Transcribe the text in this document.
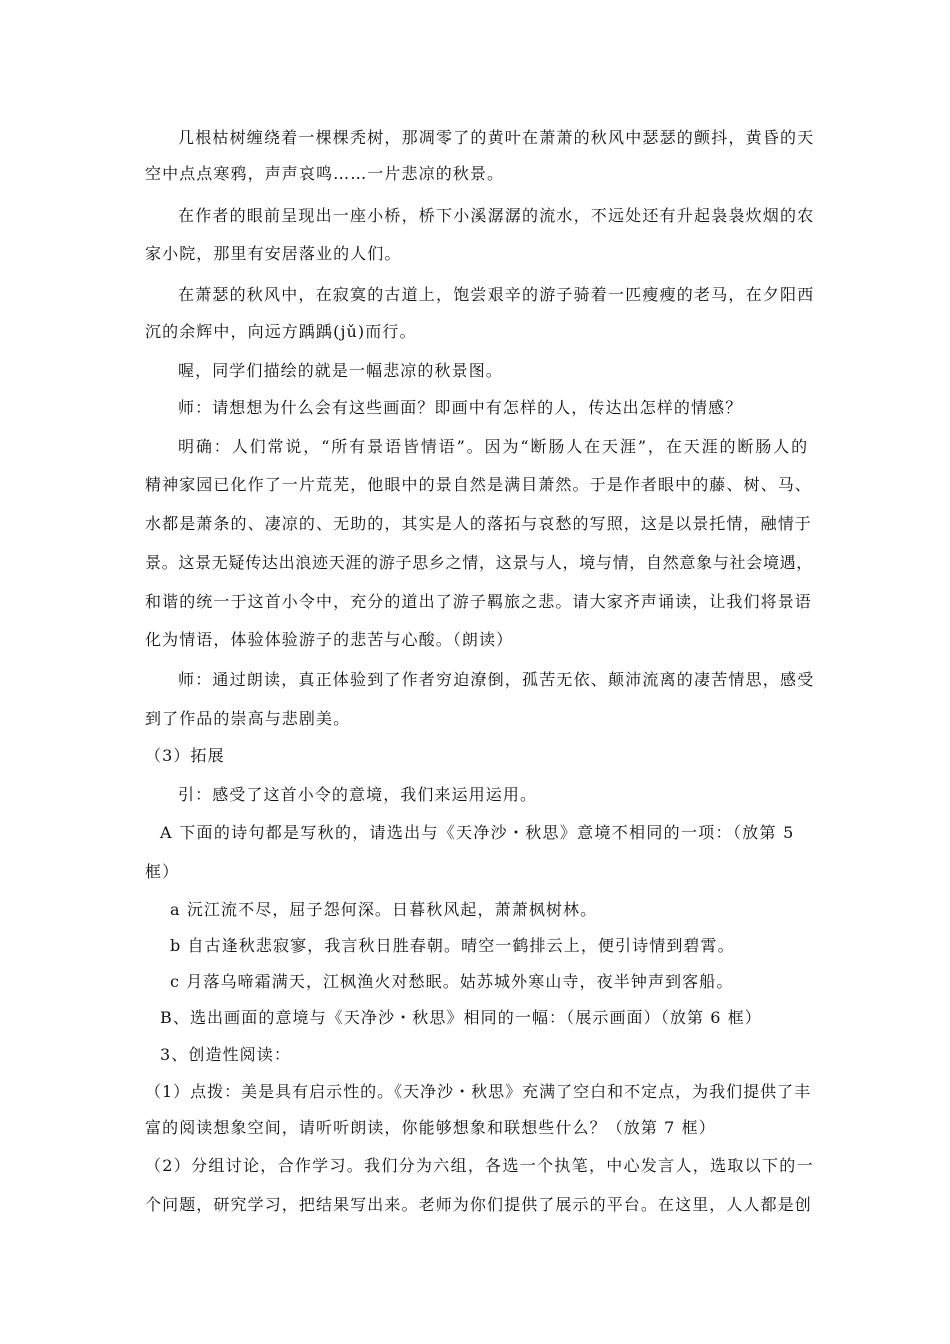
几根枯树缠绕着一棵棵秃树，那凋零了的黄叶在萧萧的秋风中瑟瑟的颤抖，黄昏的天

空中点点寒鸦，声声哀鸣……一片悲凉的秋景。

在作者的眼前呈现出一座小桥，桥下小溪潺潺的流水，不远处还有升起袅袅炊烟的农

家小院，那里有安居落业的人们。

在萧瑟的秋风中，在寂寞的古道上，饱尝艰辛的游子骑着一匹瘦瘦的老马，在夕阳西

沉的余辉中，向远方踽踽(jǔ)而行。

喔，同学们描绘的就是一幅悲凉的秋景图。

师：请想想为什么会有这些画面？即画中有怎样的人，传达出怎样的情感？

明确：人们常说，“所有景语皆情语”。因为“断肠人在天涯”，在天涯的断肠人的

精神家园已化作了一片荒芜，他眼中的景自然是满目萧然。于是作者眼中的藤、树、马、

水都是萧条的、凄凉的、无助的，其实是人的落拓与哀愁的写照，这是以景托情，融情于

景。这景无疑传达出浪迹天涯的游子思乡之情，这景与人，境与情，自然意象与社会境遇，

和谐的统一于这首小令中，充分的道出了游子羁旅之悲。请大家齐声诵读，让我们将景语

化为情语，体验体验游子的悲苦与心酸。（朗读）

师：通过朗读，真正体验到了作者穷迫潦倒，孤苦无依、颠沛流离的凄苦情思，感受

到了作品的崇高与悲剧美。

（3）拓展

引：感受了这首小令的意境，我们来运用运用。

A 下面的诗句都是写秋的，请选出与《天净沙・秋思》意境不相同的一项：（放第 5

框）

a 沅江流不尽，屈子怨何深。日暮秋风起，萧萧枫树林。

b 自古逢秋悲寂寥，我言秋日胜春朝。晴空一鹤排云上，便引诗情到碧霄。

c 月落乌啼霜满天，江枫渔火对愁眠。姑苏城外寒山寺，夜半钟声到客船。

B、选出画面的意境与《天净沙・秋思》相同的一幅：（展示画面）（放第 6 框）

3、创造性阅读：

（1）点拨：美是具有启示性的。《天净沙・秋思》充满了空白和不定点，为我们提供了丰

富的阅读想象空间，请听听朗读，你能够想象和联想些什么？（放第 7 框）

（2）分组讨论，合作学习。我们分为六组，各选一个执笔，中心发言人，选取以下的一

个问题，研究学习，把结果写出来。老师为你们提供了展示的平台。在这里，人人都是创
